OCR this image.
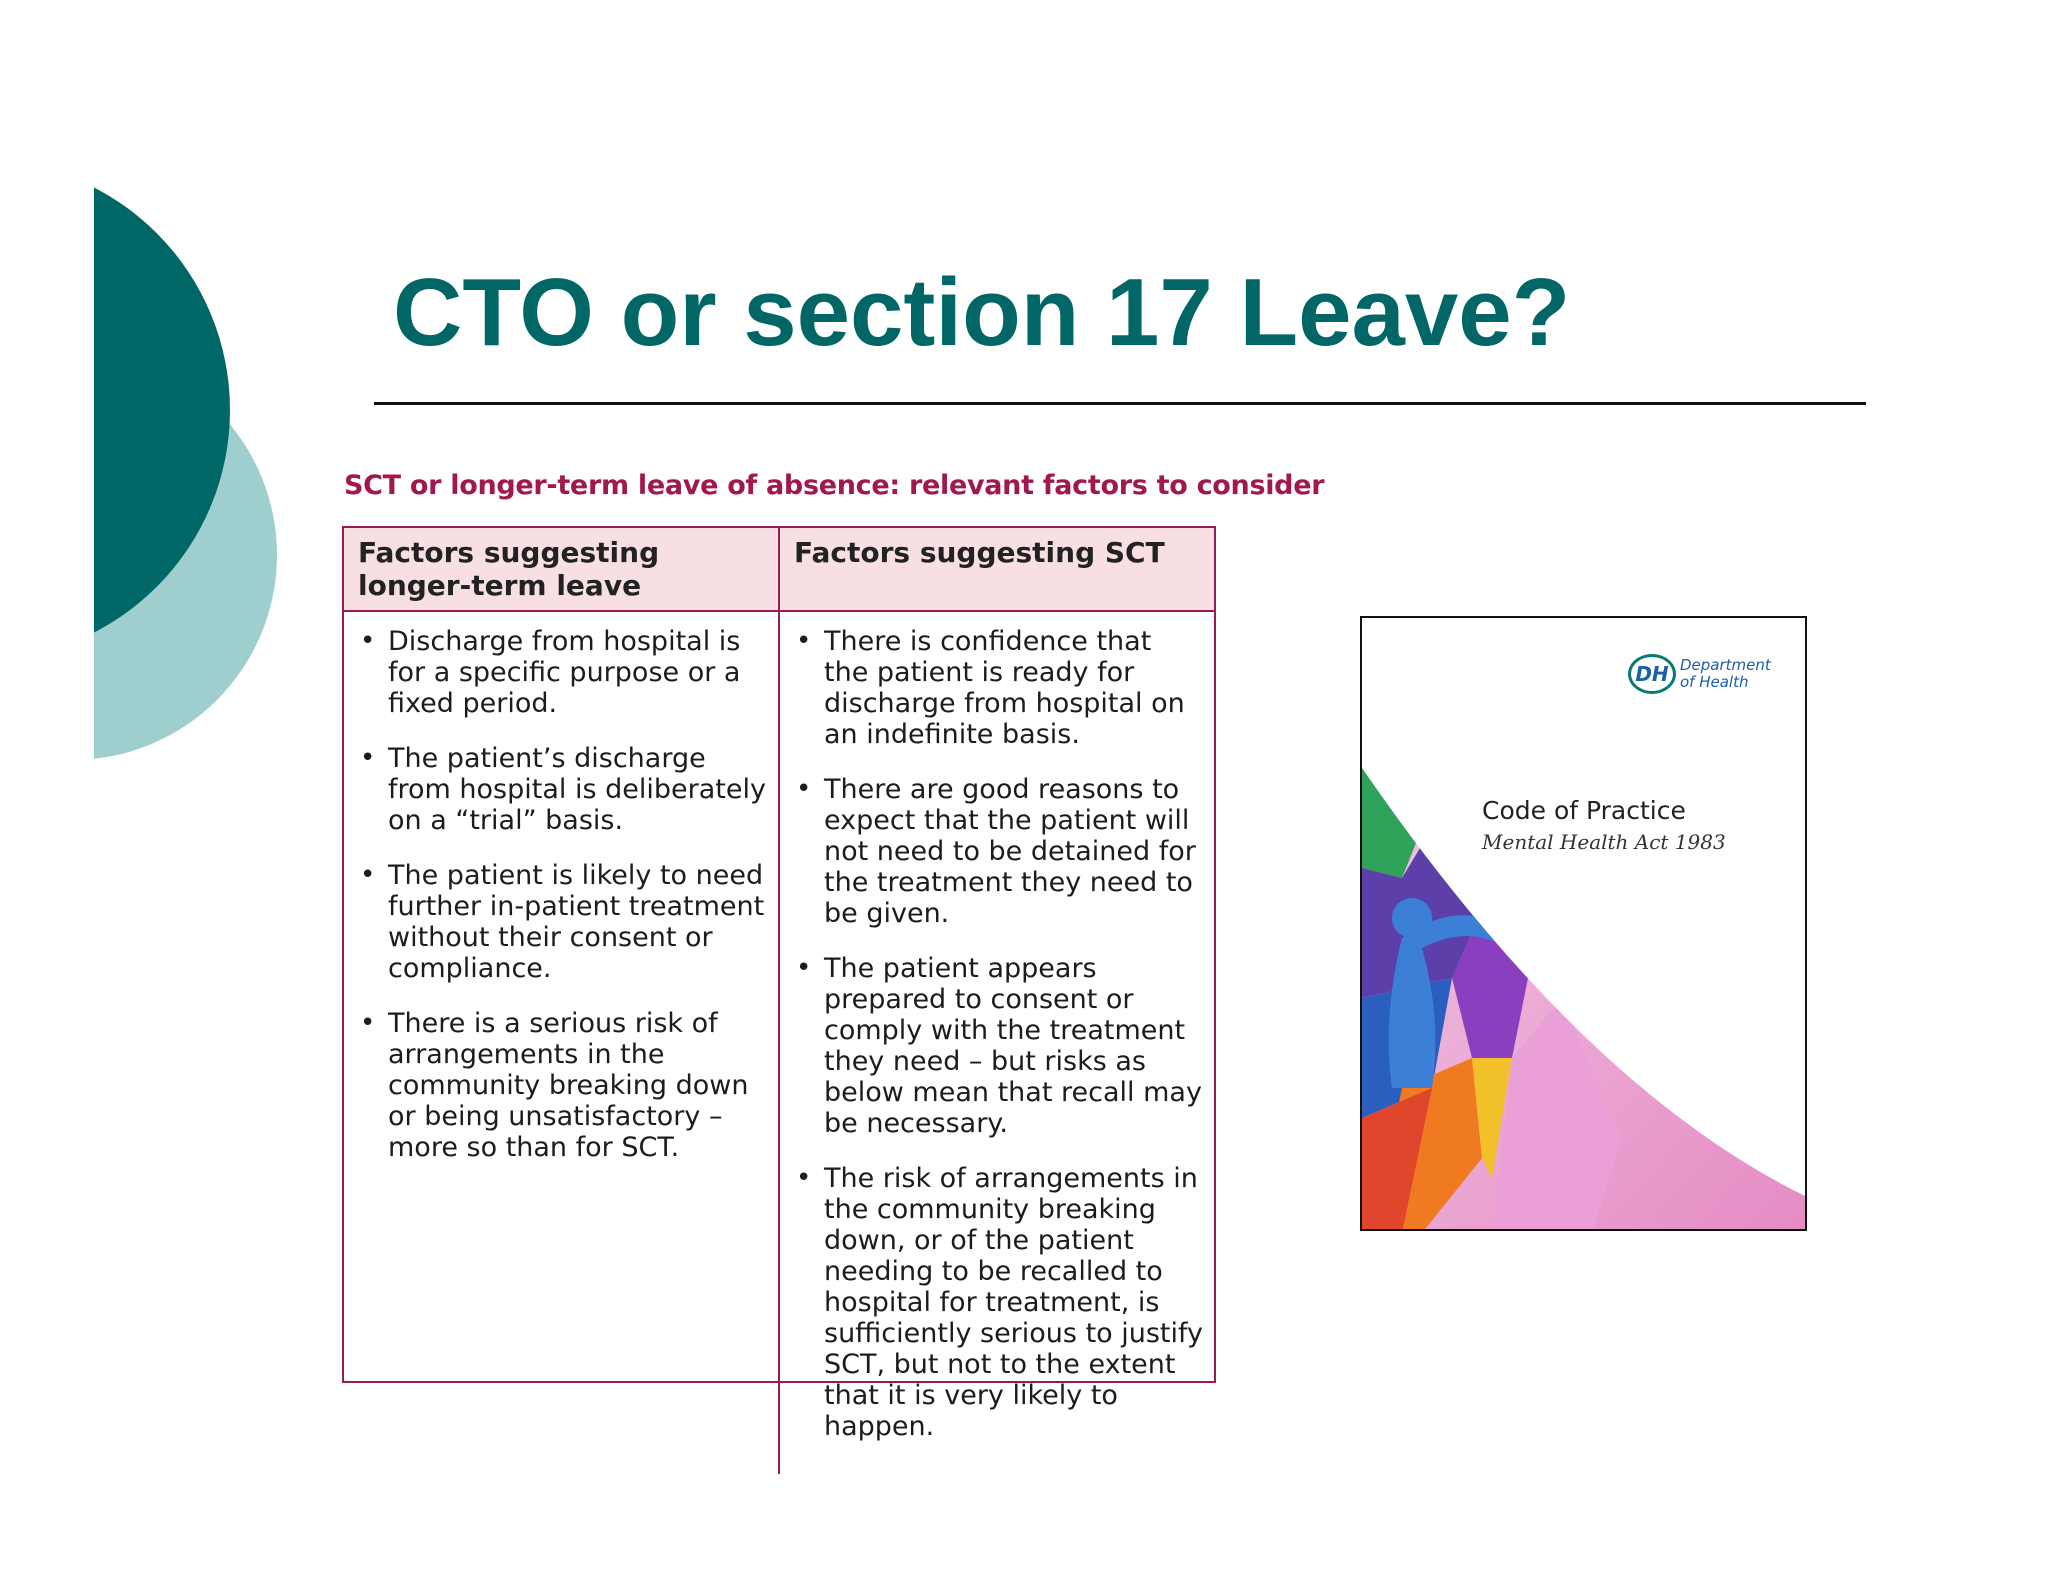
CTO or section 17 Leave?
SCT or longer-term leave of absence: relevant factors to consider
Factors suggesting longer-term leave
Factors suggesting SCT
• Discharge from hospital is for a specific purpose or a fixed period.
• The patient’s discharge from hospital is deliberately on a “trial” basis.
• The patient is likely to need further in-patient treatment without their consent or compliance.
• There is a serious risk of arrangements in the community breaking down or being unsatisfactory – more so than for SCT.
• There is confidence that the patient is ready for discharge from hospital on an indefinite basis.
• There are good reasons to expect that the patient will not need to be detained for the treatment they need to be given.
• The patient appears prepared to consent or comply with the treatment they need – but risks as below mean that recall may be necessary.
• The risk of arrangements in the community breaking down, or of the patient needing to be recalled to hospital for treatment, is sufficiently serious to justify SCT, but not to the extent that it is very likely to happen.
DH Department
of Health
Code of Practice
Mental Health Act 1983
